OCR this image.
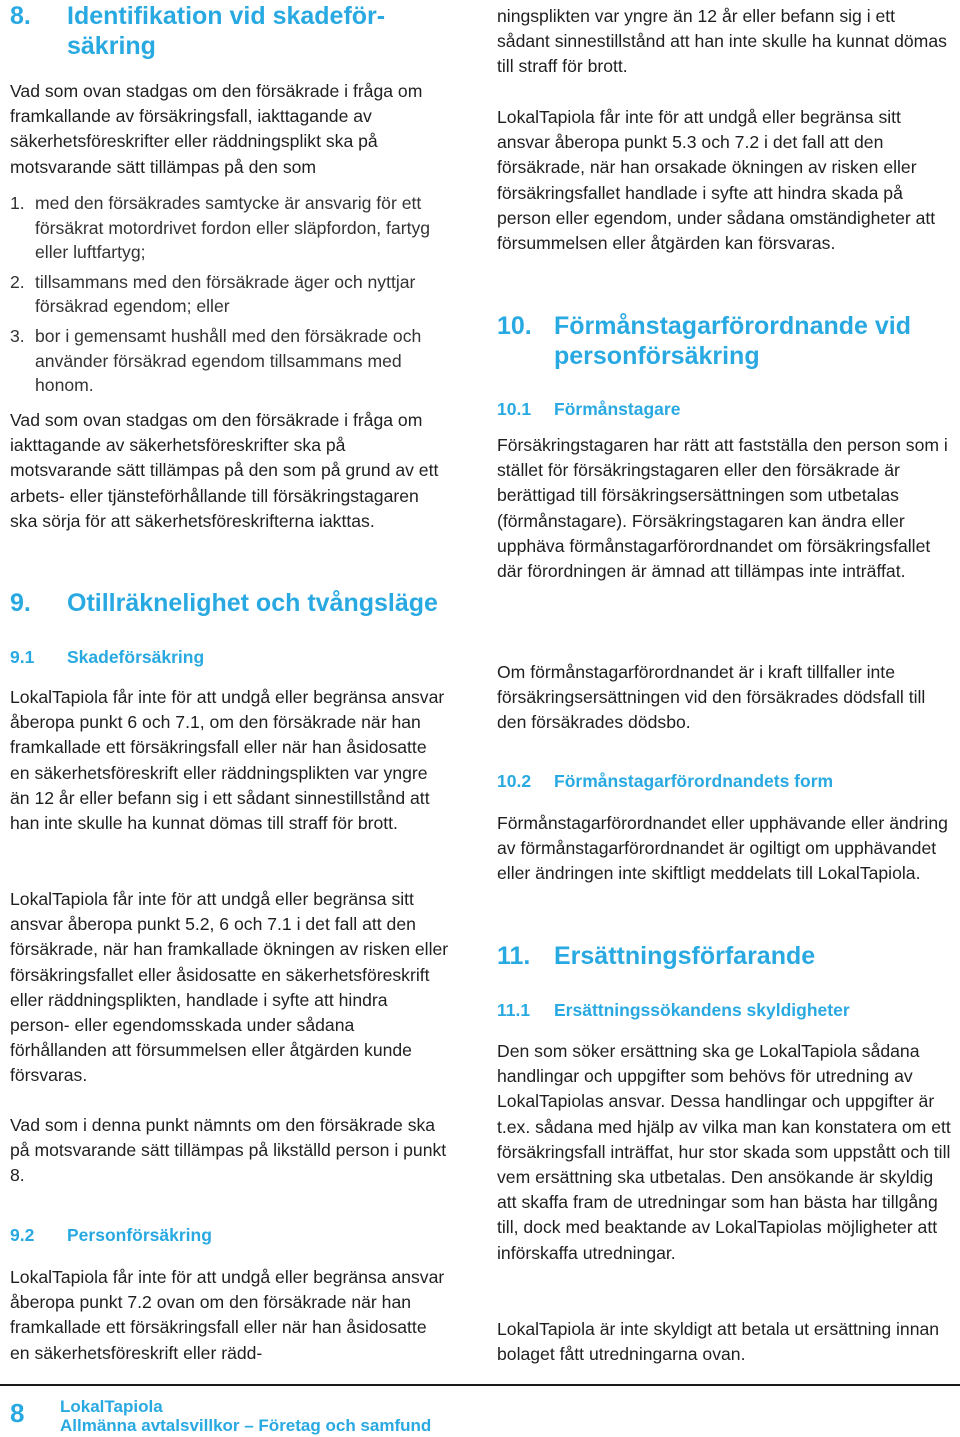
8. Identifikation vid skadeför-
säkring

Vad som ovan stadgas om den försäkrade i fråga om framkallande av försäkringsfall, iakttagande av säkerhetsföreskrifter eller räddningsplikt ska på motsvarande sätt tillämpas på den som

1. med den försäkrades samtycke är ansvarig för ett försäkrat motordrivet fordon eller släpfordon, fartyg eller luftfartyg;
2. tillsammans med den försäkrade äger och nyttjar försäkrad egendom; eller
3. bor i gemensamt hushåll med den försäkrade och använder försäkrad egendom tillsammans med honom.

Vad som ovan stadgas om den försäkrade i fråga om iakttagande av säkerhetsföreskrifter ska på motsvarande sätt tillämpas på den som på grund av ett arbets- eller tjänsteförhållande till försäkringstagaren ska sörja för att säkerhetsföreskrifterna iakttas.

9. Otillräknelighet och tvångsläge
9.1 Skadeförsäkring

LokalTapiola får inte för att undgå eller begränsa ansvar åberopa punkt 6 och 7.1, om den försäkrade när han framkallade ett försäkringsfall eller när han åsidosatte en säkerhetsföreskrift eller räddningsplikten var yngre än 12 år eller befann sig i ett sådant sinnestillstånd att han inte skulle ha kunnat dömas till straff för brott.

LokalTapiola får inte för att undgå eller begränsa sitt ansvar åberopa punkt 5.2, 6 och 7.1 i det fall att den försäkrade, när han framkallade ökningen av risken eller försäkringsfallet eller åsidosatte en säkerhetsföreskrift eller räddningsplikten, handlade i syfte att hindra person- eller egendomsskada under sådana förhållanden att försummelsen eller åtgärden kunde försvaras.

Vad som i denna punkt nämnts om den försäkrade ska på motsvarande sätt tillämpas på likställd person i punkt 8.

9.2 Personförsäkring

LokalTapiola får inte för att undgå eller begränsa ansvar åberopa punkt 7.2 ovan om den försäkrade när han framkallade ett försäkringsfall eller när han åsidosatte en säkerhetsföreskrift eller rädd-

ningsplikten var yngre än 12 år eller befann sig i ett sådant sinnestillstånd att han inte skulle ha kunnat dömas till straff för brott.

LokalTapiola får inte för att undgå eller begränsa sitt ansvar åberopa punkt 5.3 och 7.2 i det fall att den försäkrade, när han orsakade ökningen av risken eller försäkringsfallet handlade i syfte att hindra skada på person eller egendom, under sådana omständigheter att försummelsen eller åtgärden kan försvaras.

10. Förmånstagarförordnande vid
personförsäkring
10.1 Förmånstagare

Försäkringstagaren har rätt att fastställa den person som i stället för försäkringstagaren eller den försäkrade är berättigad till försäkringsersättningen som utbetalas (förmånstagare). Försäkringstagaren kan ändra eller upphäva förmånstagarförordnandet om försäkringsfallet där förordningen är ämnad att tillämpas inte inträffat.

Om förmånstagarförordnandet är i kraft tillfaller inte försäkringsersättningen vid den försäkrades dödsfall till den försäkrades dödsbo.

10.2 Förmånstagarförordnandets form

Förmånstagarförordnandet eller upphävande eller ändring av förmånstagarförordnandet är ogiltigt om upphävandet eller ändringen inte skiftligt meddelats till LokalTapiola.

11. Ersättningsförfarande
11.1 Ersättningssökandens skyldigheter

Den som söker ersättning ska ge LokalTapiola sådana handlingar och uppgifter som behövs för utredning av LokalTapiolas ansvar. Dessa handlingar och uppgifter är t.ex. sådana med hjälp av vilka man kan konstatera om ett försäkringsfall inträffat, hur stor skada som uppstått och till vem ersättning ska utbetalas. Den ansökande är skyldig att skaffa fram de utredningar som han bästa har tillgång till, dock med beaktande av LokalTapiolas möjligheter att införskaffa utredningar.

LokalTapiola är inte skyldigt att betala ut ersättning innan bolaget fått utredningarna ovan.

8 LokalTapiola
Allmänna avtalsvillkor – Företag och samfund
